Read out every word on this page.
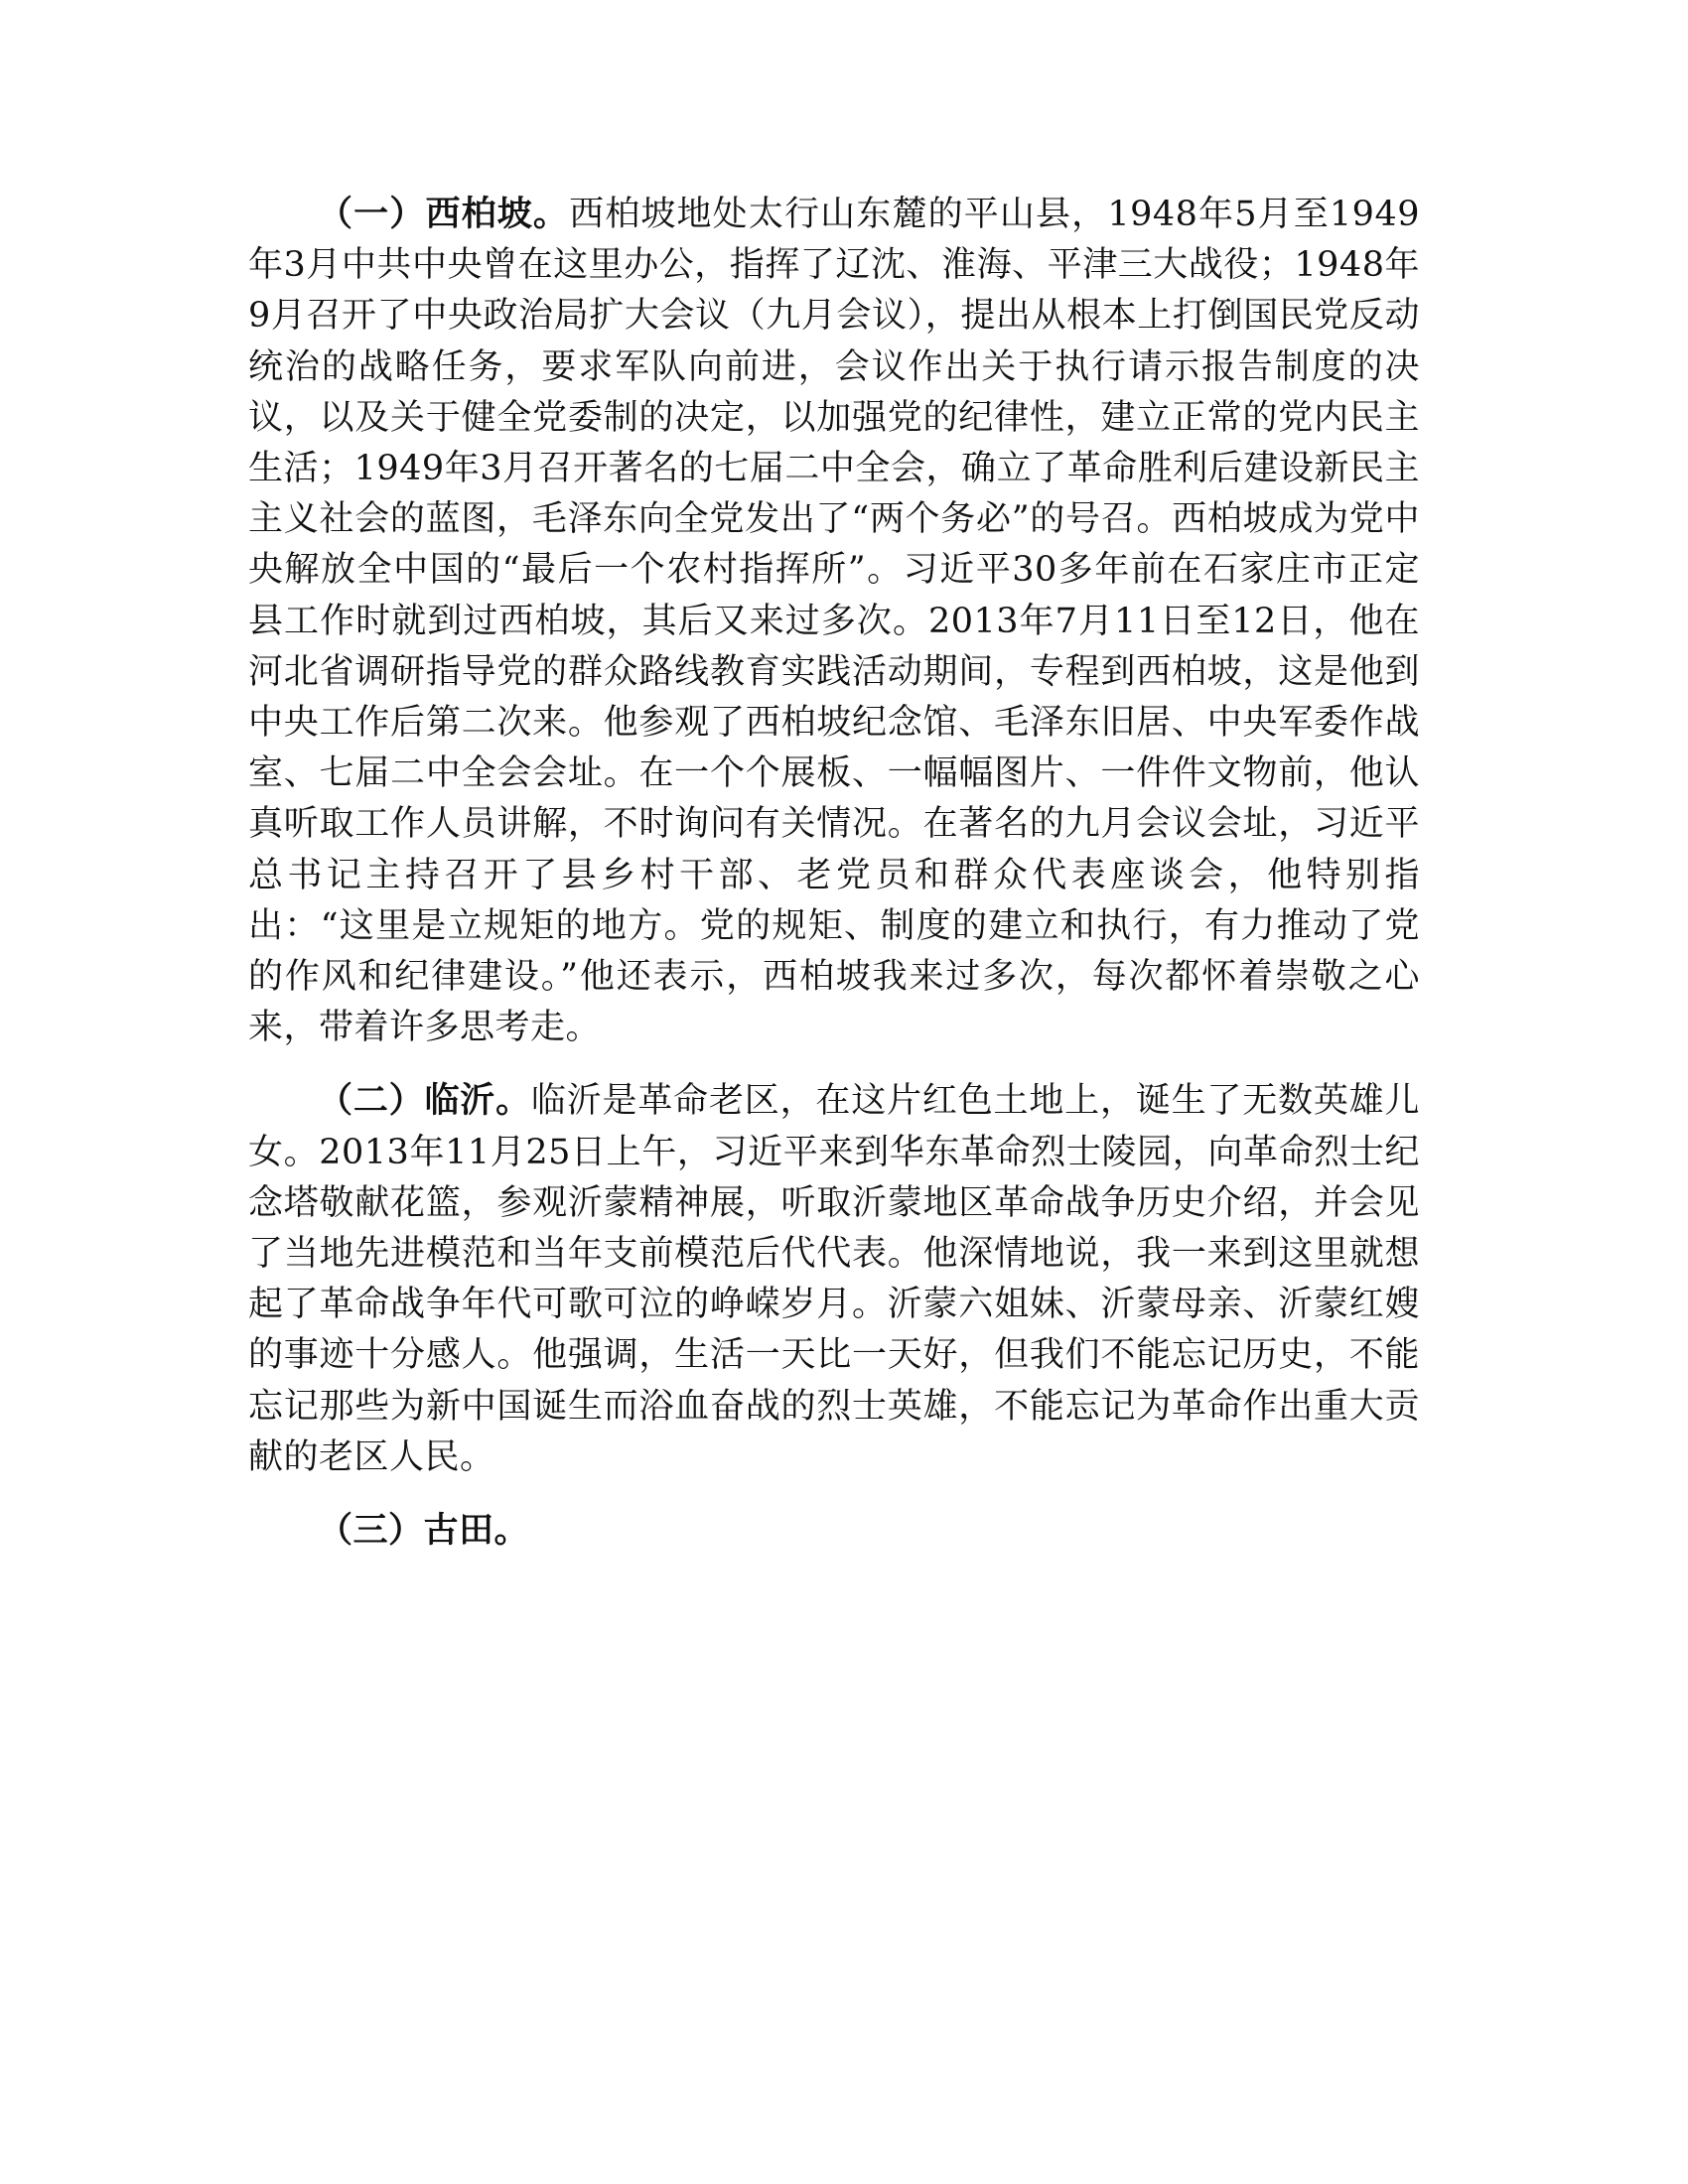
（一）西柏坡。西柏坡地处太行山东麓的平山县，1948年5月至1949年3月中共中央曾在这里办公，指挥了辽沈、淮海、平津三大战役；1948年9月召开了中央政治局扩大会议（九月会议），提出从根本上打倒国民党反动统治的战略任务，要求军队向前进，会议作出关于执行请示报告制度的决议，以及关于健全党委制的决定，以加强党的纪律性，建立正常的党内民主生活；1949年3月召开著名的七届二中全会，确立了革命胜利后建设新民主主义社会的蓝图，毛泽东向全党发出了“两个务必”的号召。西柏坡成为党中央解放全中国的“最后一个农村指挥所”。习近平30多年前在石家庄市正定县工作时就到过西柏坡，其后又来过多次。2013年7月11日至12日，他在河北省调研指导党的群众路线教育实践活动期间，专程到西柏坡，这是他到中央工作后第二次来。他参观了西柏坡纪念馆、毛泽东旧居、中央军委作战室、七届二中全会会址。在一个个展板、一幅幅图片、一件件文物前，他认真听取工作人员讲解，不时询问有关情况。在著名的九月会议会址，习近平总书记主持召开了县乡村干部、老党员和群众代表座谈会，他特别指出：“这里是立规矩的地方。党的规矩、制度的建立和执行，有力推动了党的作风和纪律建设。”他还表示，西柏坡我来过多次，每次都怀着崇敬之心来，带着许多思考走。

（二）临沂。临沂是革命老区，在这片红色土地上，诞生了无数英雄儿女。2013年11月25日上午，习近平来到华东革命烈士陵园，向革命烈士纪念塔敬献花篮，参观沂蒙精神展，听取沂蒙地区革命战争历史介绍，并会见了当地先进模范和当年支前模范后代代表。他深情地说，我一来到这里就想起了革命战争年代可歌可泣的峥嵘岁月。沂蒙六姐妹、沂蒙母亲、沂蒙红嫂的事迹十分感人。他强调，生活一天比一天好，但我们不能忘记历史，不能忘记那些为新中国诞生而浴血奋战的烈士英雄，不能忘记为革命作出重大贡献的老区人民。

（三）古田。
